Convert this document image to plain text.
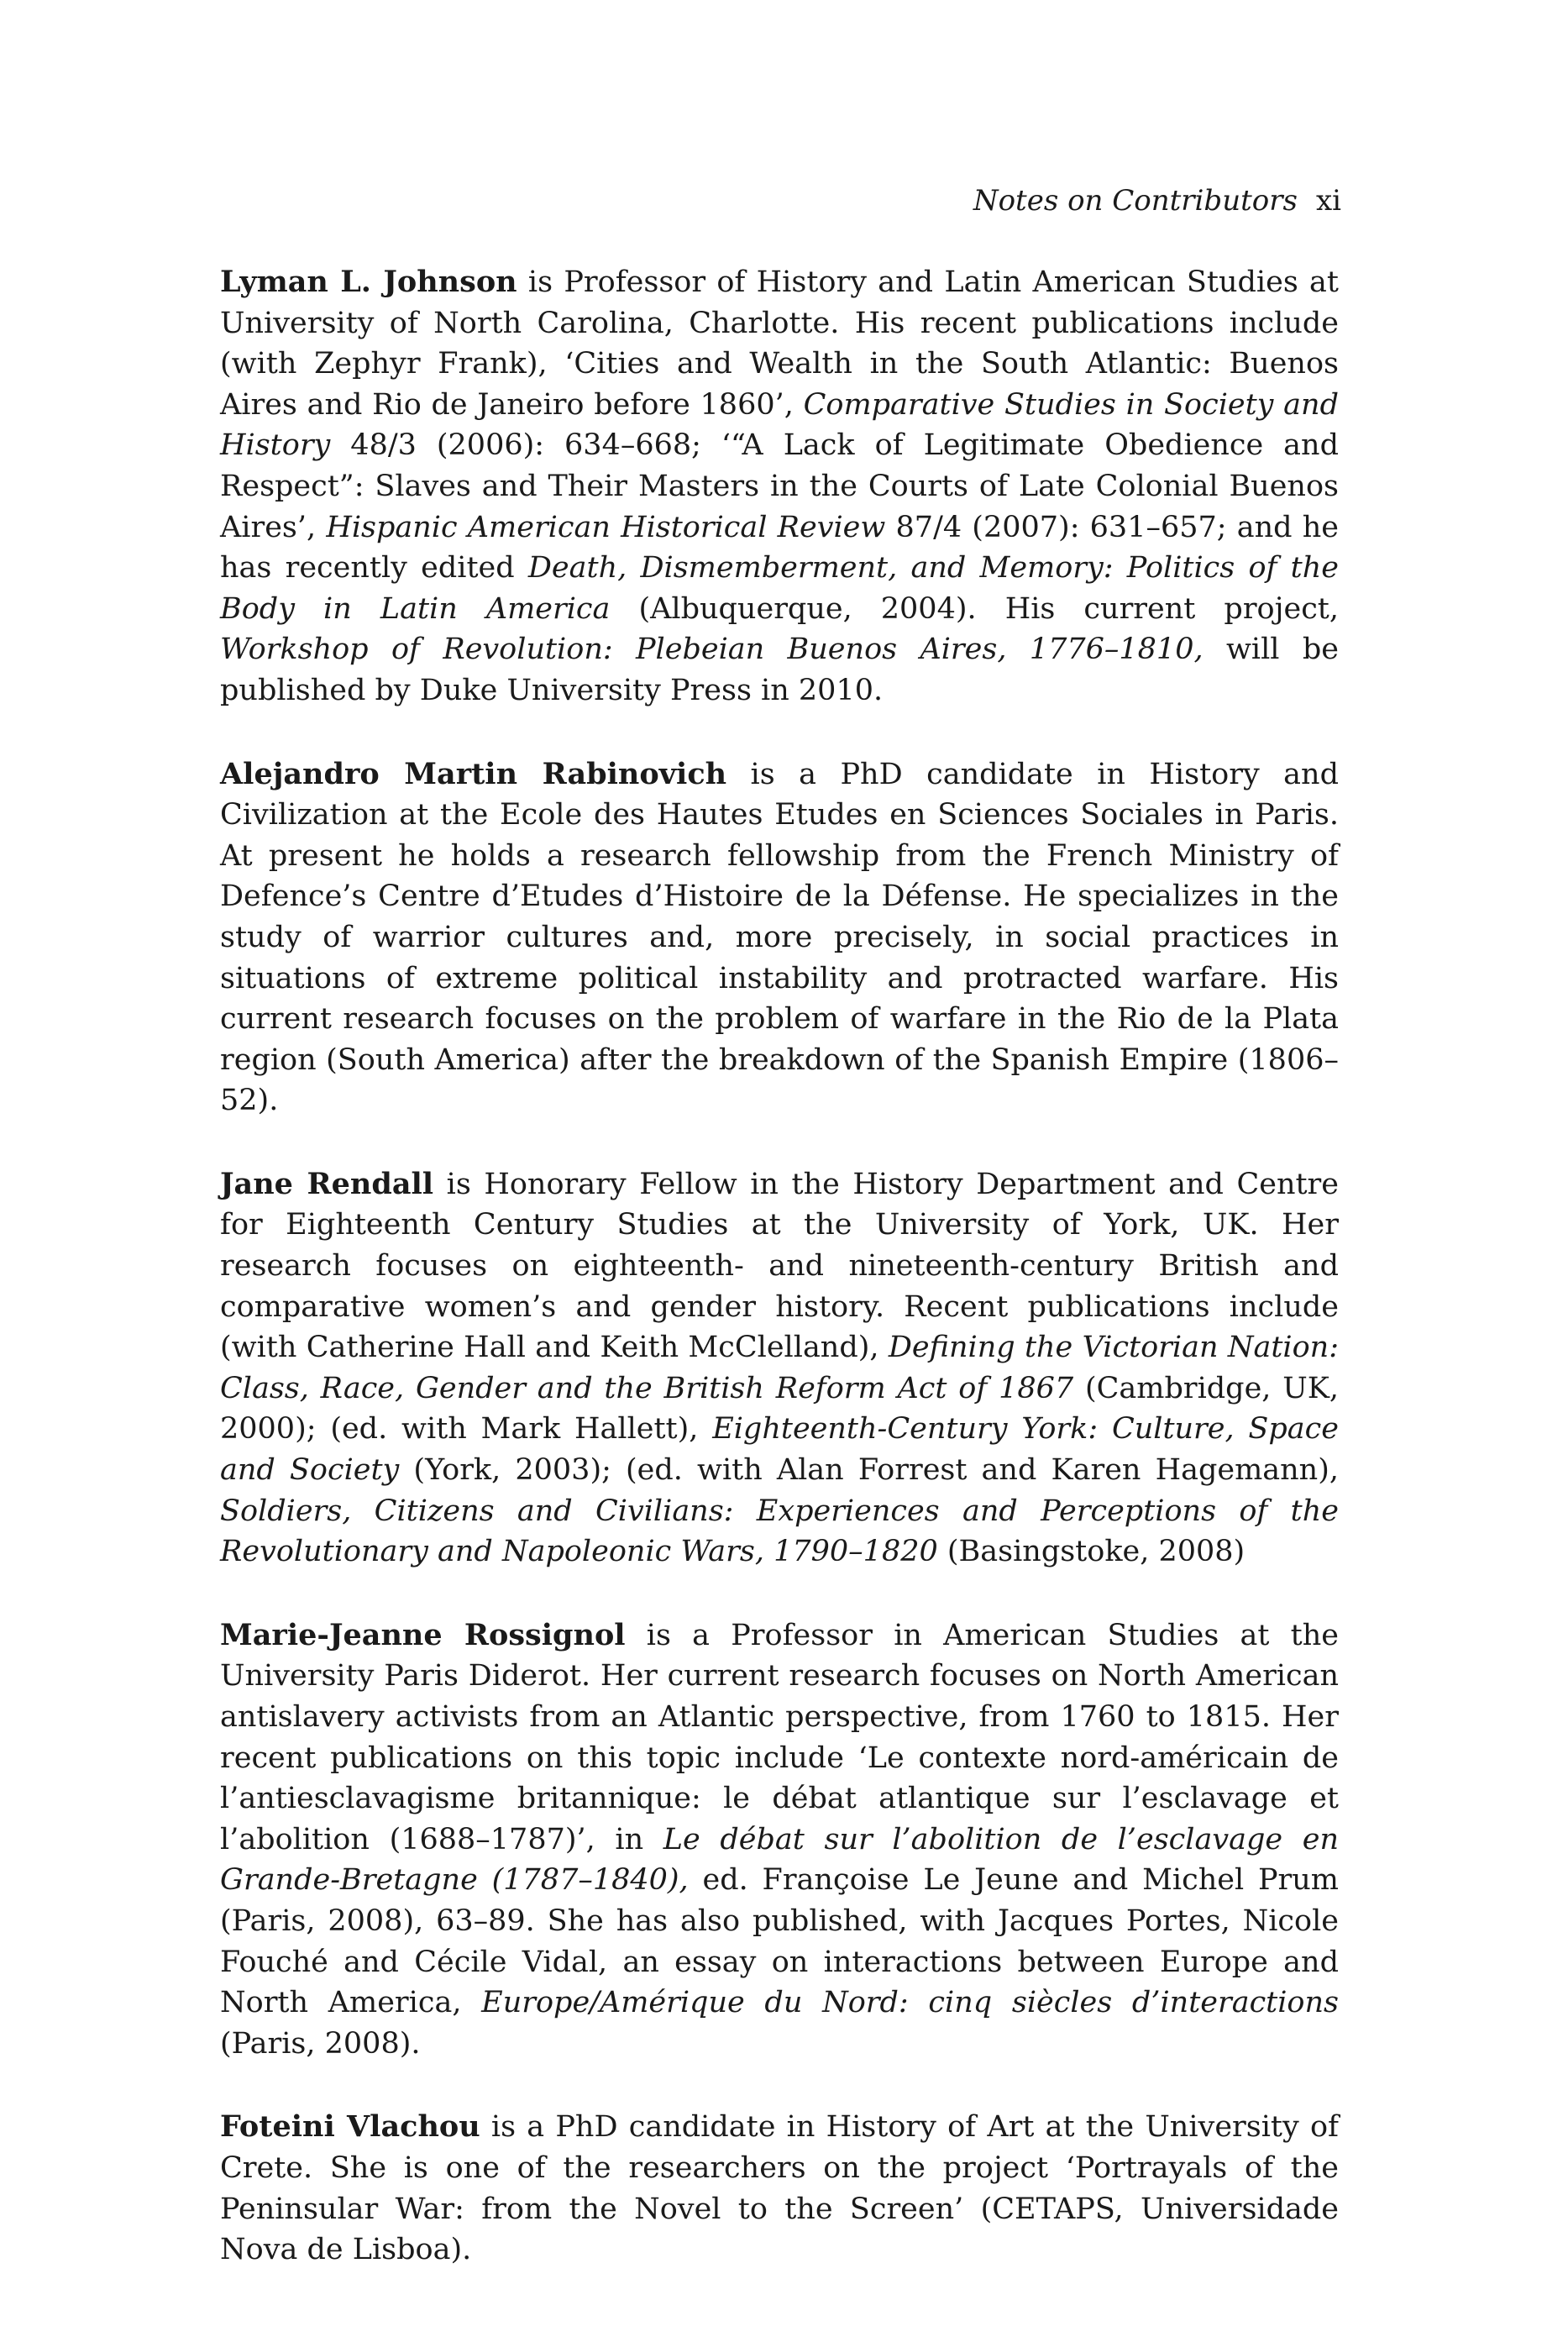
Notes on Contributors xi

Lyman L. Johnson is Professor of History and Latin American Studies at University of North Carolina, Charlotte. His recent publications include (with Zephyr Frank), ‘Cities and Wealth in the South Atlantic: Buenos Aires and Rio de Janeiro before 1860’, Comparative Studies in Society and History 48/3 (2006): 634–668; ‘“A Lack of Legitimate Obedience and Respect”: Slaves and Their Masters in the Courts of Late Colonial Buenos Aires’, Hispanic American Historical Review 87/4 (2007): 631–657; and he has recently edited Death, Dismemberment, and Memory: Politics of the Body in Latin America (Albuquerque, 2004). His current project, Workshop of Revolution: Plebeian Buenos Aires, 1776–1810, will be published by Duke University Press in 2010.

Alejandro Martin Rabinovich is a PhD candidate in History and Civilization at the Ecole des Hautes Etudes en Sciences Sociales in Paris. At present he holds a research fellowship from the French Ministry of Defence’s Centre d’Etudes d’Histoire de la Défense. He specializes in the study of warrior cultures and, more precisely, in social practices in situations of extreme political instability and protracted warfare. His current research focuses on the problem of warfare in the Rio de la Plata region (South America) after the breakdown of the Spanish Empire (1806–52).

Jane Rendall is Honorary Fellow in the History Department and Centre for Eighteenth Century Studies at the University of York, UK. Her research focuses on eighteenth- and nineteenth-century British and comparative women’s and gender history. Recent publications include (with Catherine Hall and Keith McClelland), Defining the Victorian Nation: Class, Race, Gender and the British Reform Act of 1867 (Cambridge, UK, 2000); (ed. with Mark Hallett), Eighteenth-Century York: Culture, Space and Society (York, 2003); (ed. with Alan Forrest and Karen Hagemann), Soldiers, Citizens and Civilians: Experiences and Perceptions of the Revolutionary and Napoleonic Wars, 1790–1820 (Basingstoke, 2008)

Marie-Jeanne Rossignol is a Professor in American Studies at the University Paris Diderot. Her current research focuses on North American antislavery activists from an Atlantic perspective, from 1760 to 1815. Her recent publications on this topic include ‘Le contexte nord-américain de l’antiesclavagisme britannique: le débat atlantique sur l’esclavage et l’abolition (1688–1787)’, in Le débat sur l’abolition de l’esclavage en Grande-Bretagne (1787–1840), ed. Françoise Le Jeune and Michel Prum (Paris, 2008), 63–89. She has also published, with Jacques Portes, Nicole Fouché and Cécile Vidal, an essay on interactions between Europe and North America, Europe/Amérique du Nord: cinq siècles d’interactions (Paris, 2008).

Foteini Vlachou is a PhD candidate in History of Art at the University of Crete. She is one of the researchers on the project ‘Portrayals of the Peninsular War: from the Novel to the Screen’ (CETAPS, Universidade Nova de Lisboa).
